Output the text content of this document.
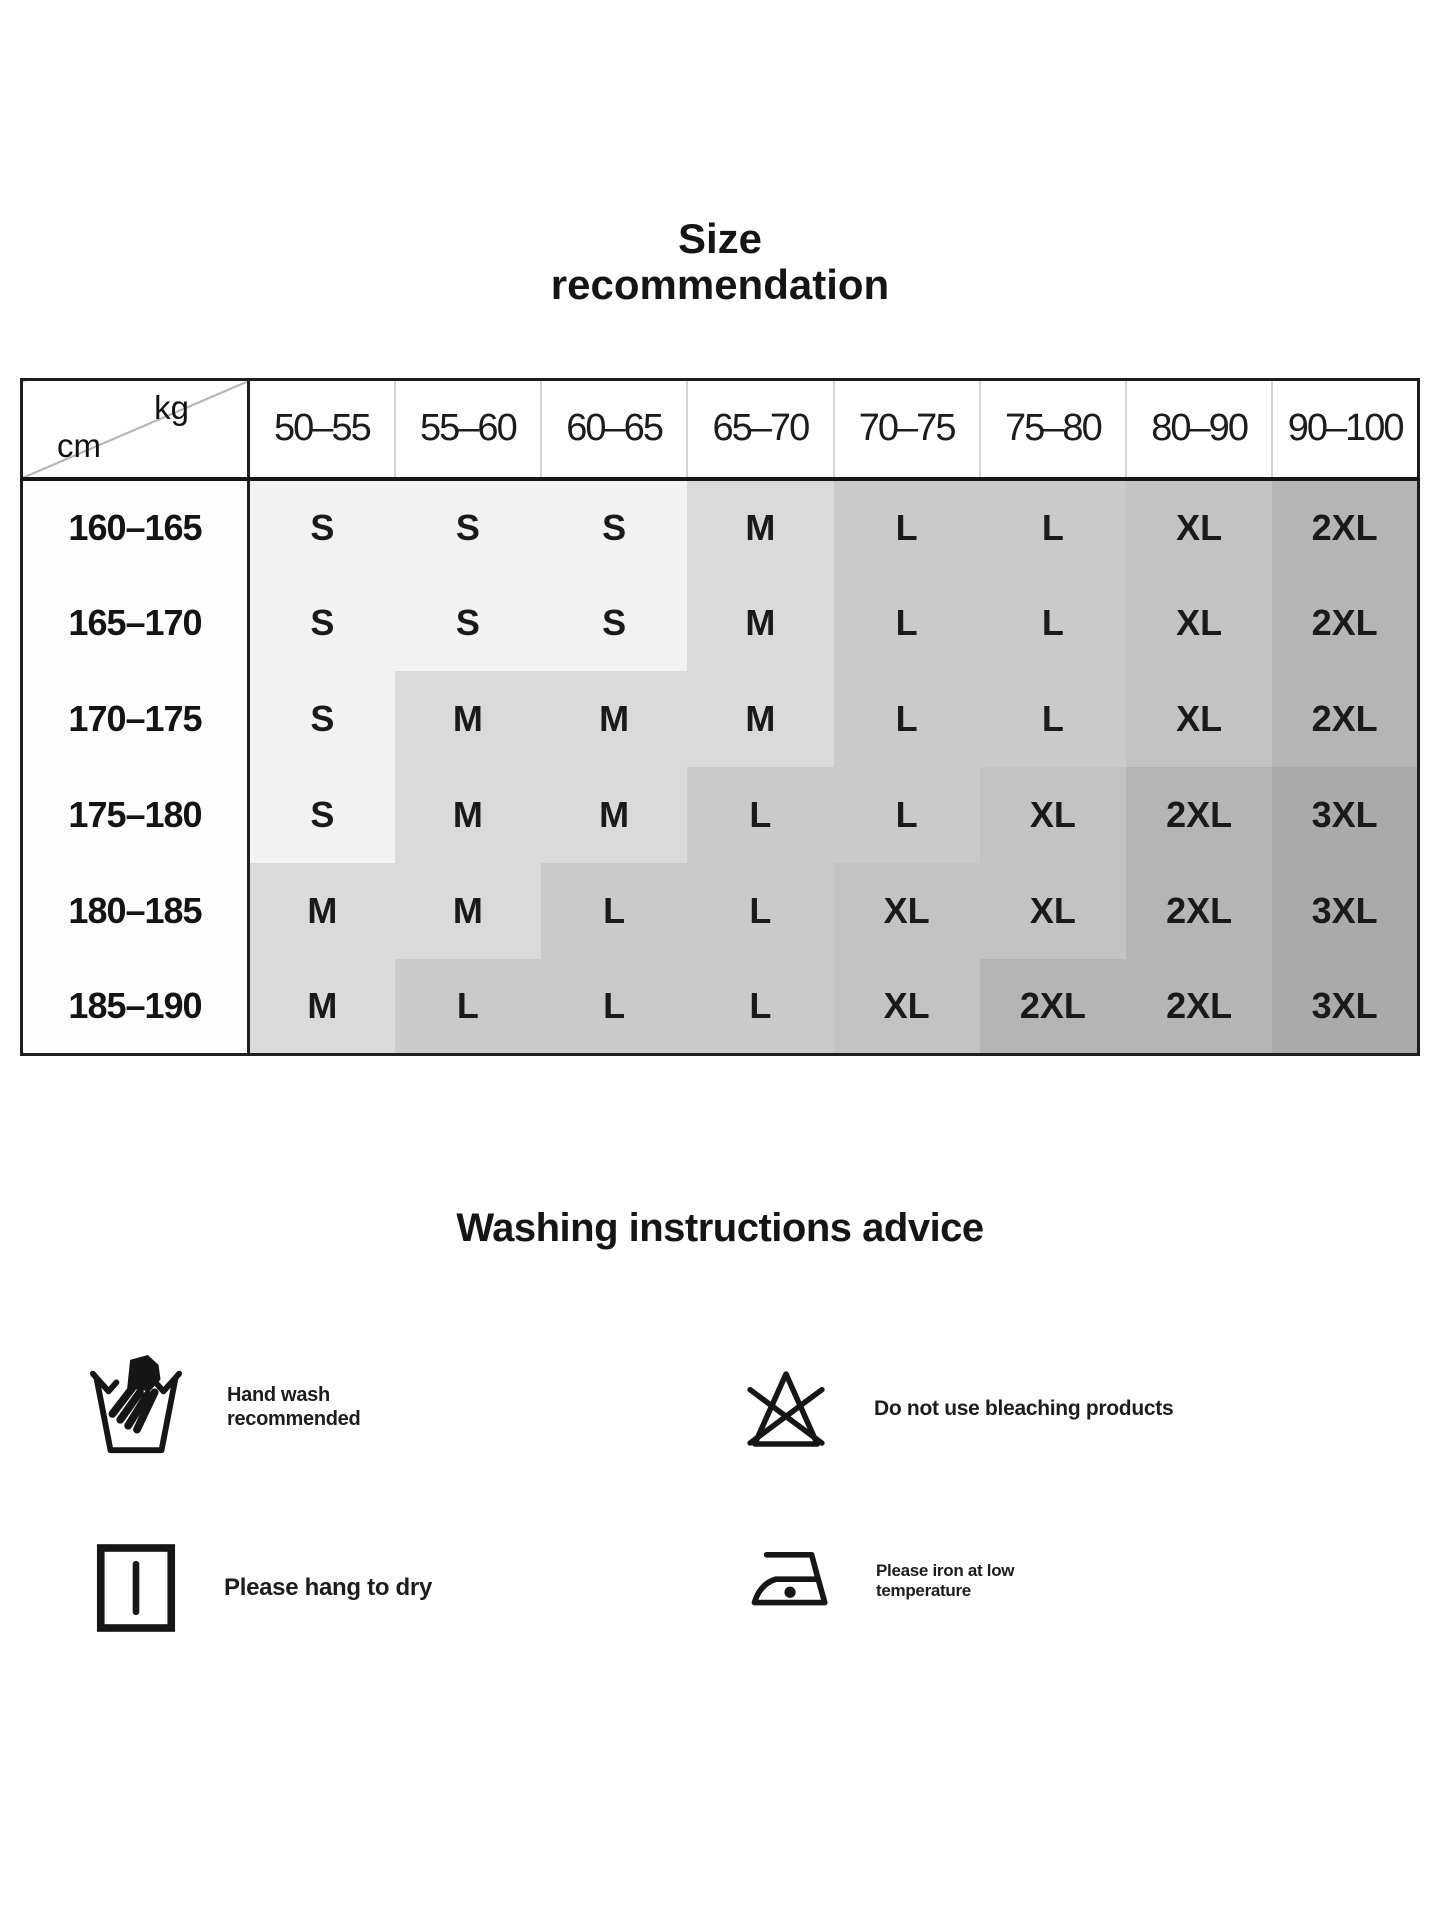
Size
recommendation
kg
cm	50–55	55–60	60–65	65–70	70–75	75–80	80–90	90–100
160–165	S	S	S	M	L	L	XL	2XL
165–170	S	S	S	M	L	L	XL	2XL
170–175	S	M	M	M	L	L	XL	2XL
175–180	S	M	M	L	L	XL	2XL	3XL
180–185	M	M	L	L	XL	XL	2XL	3XL
185–190	M	L	L	L	XL	2XL	2XL	3XL
Washing instructions advice
Hand wash
recommended	Do not use bleaching products
Please hang to dry
Please iron at low
temperature
